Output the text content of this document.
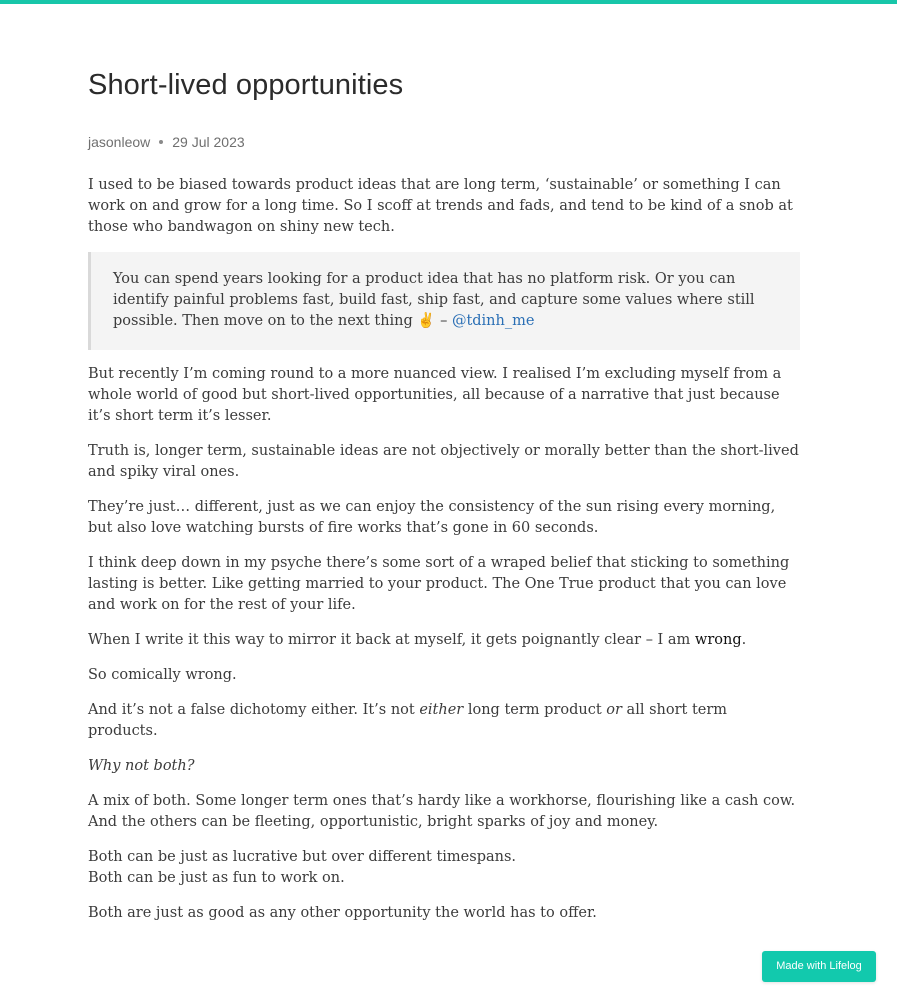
Short-lived opportunities
jasonleow 29 Jul 2023

I used to be biased towards product ideas that are long term, ‘sustainable’ or something I can work on and grow for a long time. So I scoff at trends and fads, and tend to be kind of a snob at those who bandwagon on shiny new tech.

You can spend years looking for a product idea that has no platform risk. Or you can identify painful problems fast, build fast, ship fast, and capture some values where still possible. Then move on to the next thing ✌️ – @tdinh_me

But recently I’m coming round to a more nuanced view. I realised I’m excluding myself from a whole world of good but short-lived opportunities, all because of a narrative that just because it’s short term it’s lesser.

Truth is, longer term, sustainable ideas are not objectively or morally better than the short-lived and spiky viral ones.

They’re just… different, just as we can enjoy the consistency of the sun rising every morning, but also love watching bursts of fire works that’s gone in 60 seconds.

I think deep down in my psyche there’s some sort of a wraped belief that sticking to something lasting is better. Like getting married to your product. The One True product that you can love and work on for the rest of your life.

When I write it this way to mirror it back at myself, it gets poignantly clear – I am wrong.

So comically wrong.

And it’s not a false dichotomy either. It’s not either long term product or all short term products.

Why not both?

A mix of both. Some longer term ones that’s hardy like a workhorse, flourishing like a cash cow. And the others can be fleeting, opportunistic, bright sparks of joy and money.

Both can be just as lucrative but over different timespans.
Both can be just as fun to work on.

Both are just as good as any other opportunity the world has to offer.

Made with Lifelog
